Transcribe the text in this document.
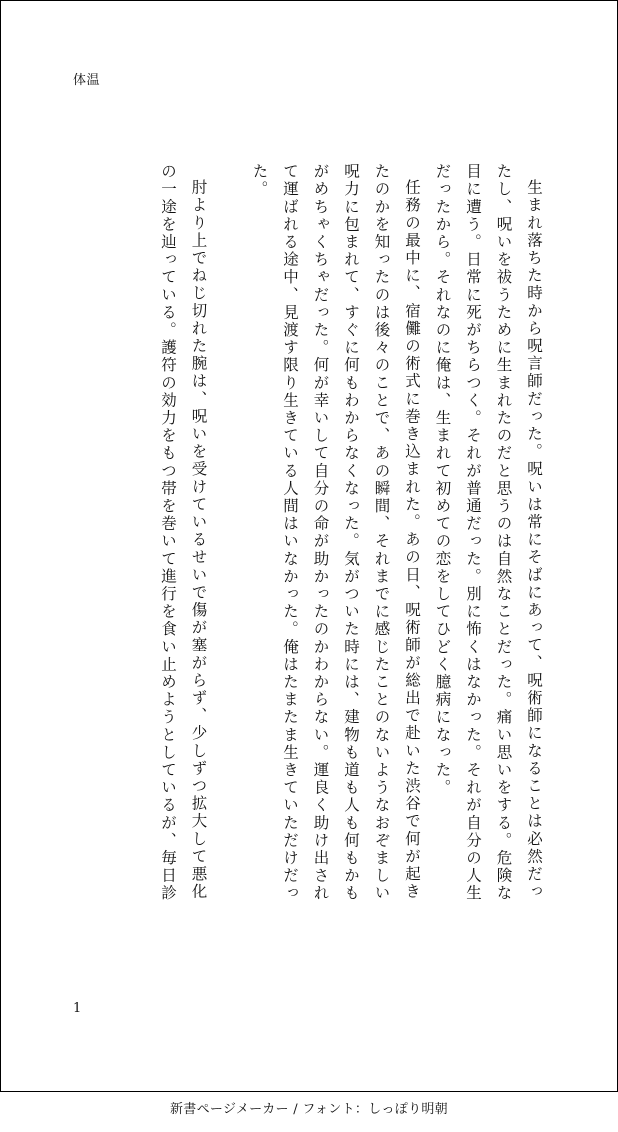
体温

生まれ落ちた時から呪言師だった。呪いは常にそばにあって、呪術師になることは必然だったし、呪いを祓うために生まれたのだと思うのは自然なことだった。痛い思いをする。危険な目に遭う。日常に死がちらつく。それが普通だった。別に怖くはなかった。それが自分の人生だったから。それなのに俺は、生まれて初めての恋をしてひどく臆病になった。

任務の最中に、宿儺の術式に巻き込まれた。あの日、呪術師が総出で赴いた渋谷で何が起きたのかを知ったのは後々のことで、あの瞬間、それまでに感じたことのないようなおぞましい呪力に包まれて、すぐに何もわからなくなった。気がついた時には、建物も道も人も何もかもがめちゃくちゃだった。何が幸いして自分の命が助かったのかわからない。運良く助け出されて運ばれる途中、見渡す限り生きている人間はいなかった。俺はたまたま生きていただけだった。

肘より上でねじ切れた腕は、呪いを受けているせいで傷が塞がらず、少しずつ拡大して悪化の一途を辿っている。護符の効力をもつ帯を巻いて進行を食い止めようとしているが、毎日診

1
新書ページメーカー / フォント：しっぽり明朝
